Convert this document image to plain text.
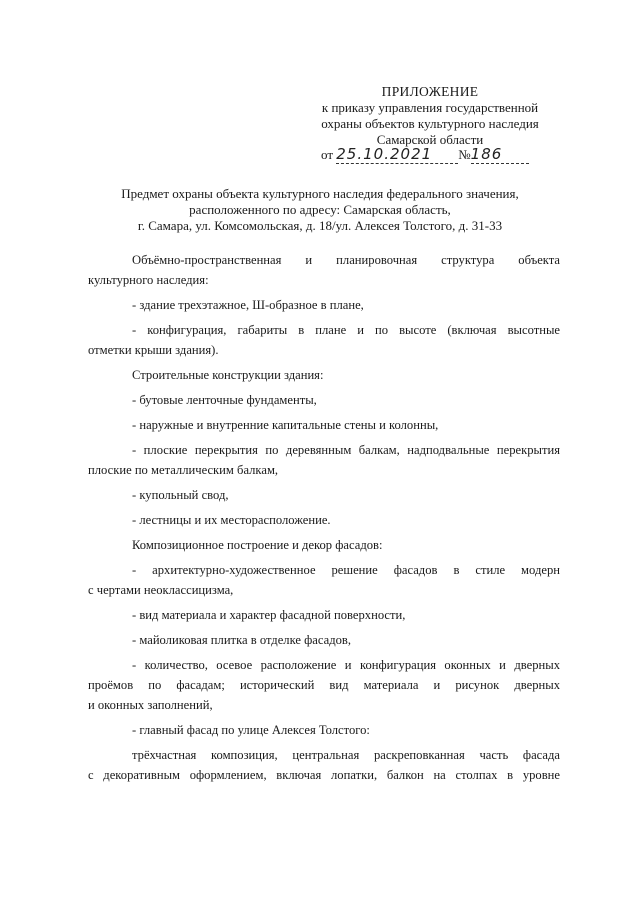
ПРИЛОЖЕНИЕ
к приказу управления государственной
охраны объектов культурного наследия
Самарской области
от 25.10.2021 №186
Предмет охраны объекта культурного наследия федерального значения,
расположенного по адресу: Самарская область,
г. Самара, ул. Комсомольская, д. 18/ул. Алексея Толстого, д. 31-33

Объёмно-пространственная и планировочная структура объекта
культурного наследия:

- здание трехэтажное, Ш-образное в плане,

- конфигурация, габариты в плане и по высоте (включая высотные
отметки крыши здания).

Строительные конструкции здания:

- бутовые ленточные фундаменты,

- наружные и внутренние капитальные стены и колонны,

- плоские перекрытия по деревянным балкам, надподвальные перекрытия
плоские по металлическим балкам,

- купольный свод,

- лестницы и их месторасположение.

Композиционное построение и декор фасадов:

- архитектурно-художественное решение фасадов в стиле модерн
с чертами неоклассицизма,

- вид материала и характер фасадной поверхности,

- майоликовая плитка в отделке фасадов,

- количество, осевое расположение и конфигурация оконных и дверных
проёмов по фасадам; исторический вид материала и рисунок дверных
и оконных заполнений,

- главный фасад по улице Алексея Толстого:

трёхчастная композиция, центральная раскреповканная часть фасада
с декоративным оформлением, включая лопатки, балкон на столпах в уровне
